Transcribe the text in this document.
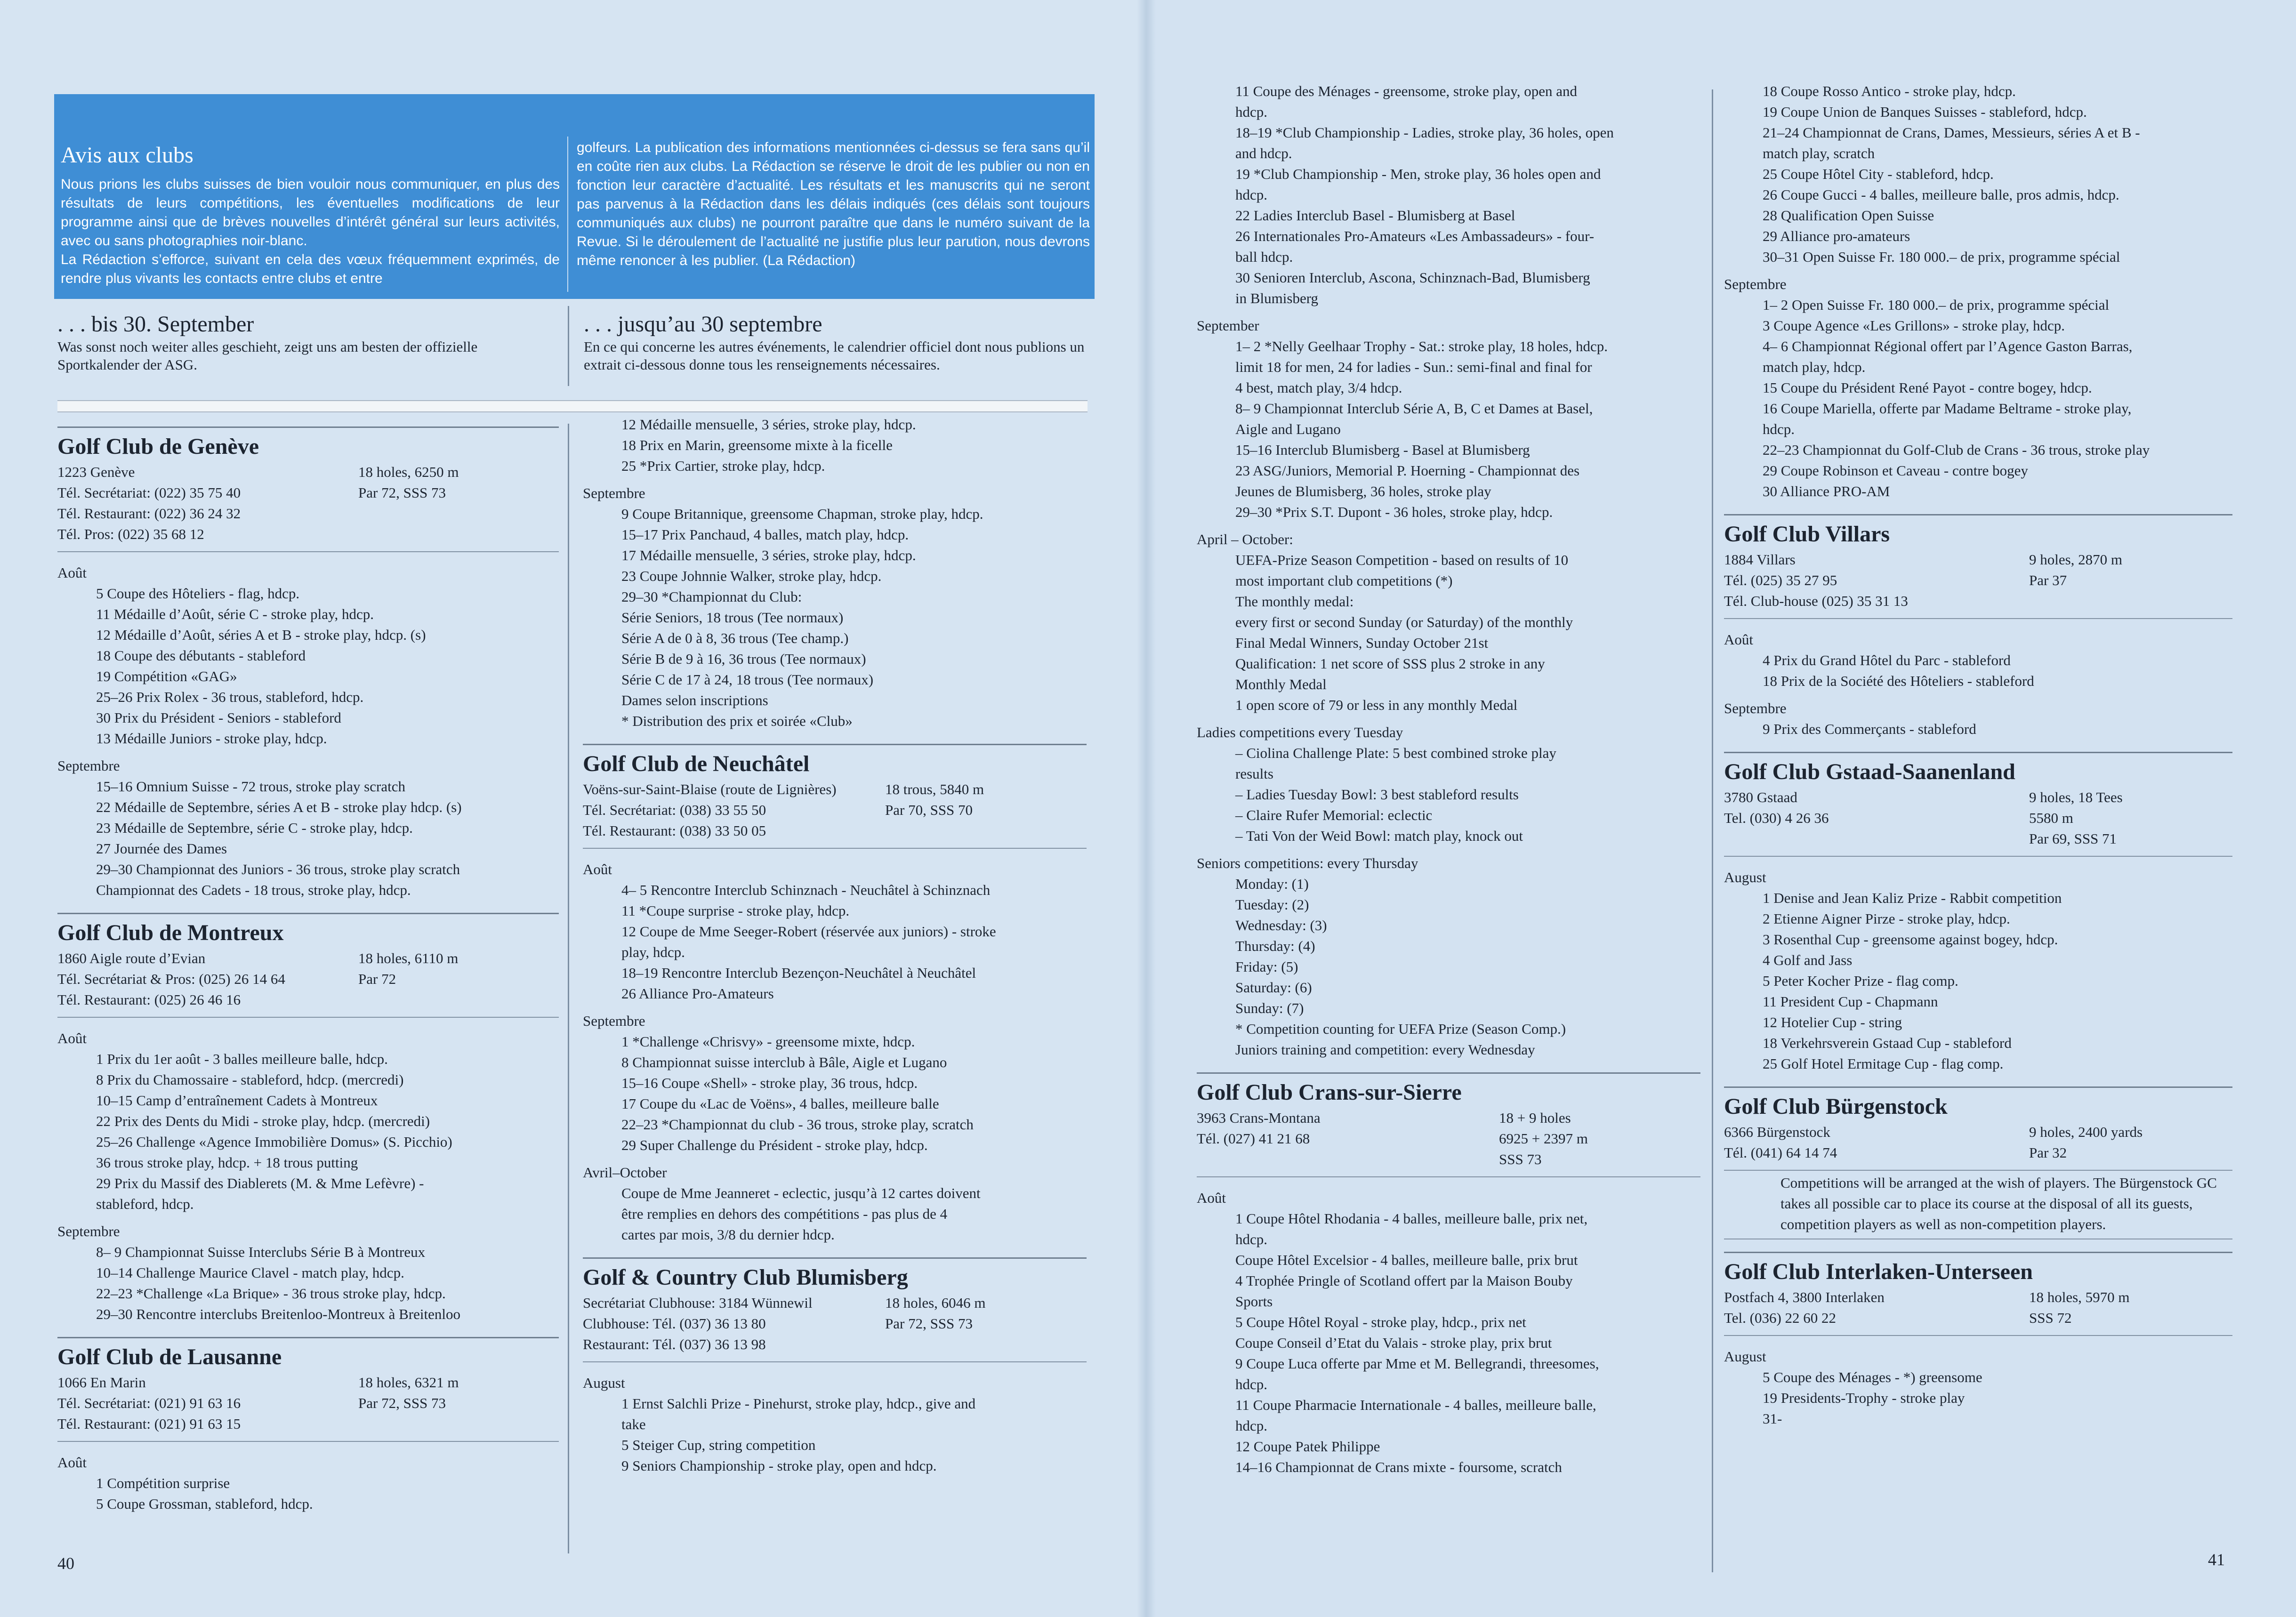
Avis aux clubs
Nous prions les clubs suisses de bien vouloir nous communiquer, en plus des résultats de leurs compétitions, les éventuelles modifications de leur programme ainsi que de brèves nouvelles d’intérêt général sur leurs activités, avec ou sans photographies noir-blanc.
La Rédaction s’efforce, suivant en cela des vœux fréquemment exprimés, de rendre plus vivants les contacts entre clubs et entre
golfeurs. La publication des informations mentionnées ci-dessus se fera sans qu’il en coûte rien aux clubs. La Rédaction se réserve le droit de les publier ou non en fonction leur caractère d’actualité. Les résultats et les manuscrits qui ne seront pas parvenus à la Rédaction dans les délais indiqués (ces délais sont toujours communiqués aux clubs) ne pourront paraître que dans le numéro suivant de la Revue. Si le déroulement de l’actualité ne justifie plus leur parution, nous devrons même renoncer à les publier. (La Rédaction)
. . . bis 30. September
Was sonst noch weiter alles geschieht, zeigt uns am besten der offizielle Sportkalender der ASG.
. . . jusqu’au 30 septembre
En ce qui concerne les autres événements, le calendrier officiel dont nous publions un extrait ci-dessous donne tous les renseignements nécessaires.
Golf Club de Genève
1223 Genève	18 holes, 6250 m
Tél. Secrétariat: (022) 35 75 40	Par 72, SSS 73
Tél. Restaurant: (022) 36 24 32
Tél. Pros: (022) 35 68 12
Août
5 Coupe des Hôteliers - flag, hdcp.
11 Médaille d’Août, série C - stroke play, hdcp.
12 Médaille d’Août, séries A et B - stroke play, hdcp. (s)
18 Coupe des débutants - stableford
19 Compétition «GAG»
25–26 Prix Rolex - 36 trous, stableford, hdcp.
30 Prix du Président - Seniors - stableford
13 Médaille Juniors - stroke play, hdcp.
Septembre
15–16 Omnium Suisse - 72 trous, stroke play scratch
22 Médaille de Septembre, séries A et B - stroke play hdcp. (s)
23 Médaille de Septembre, série C - stroke play, hdcp.
27 Journée des Dames
29–30 Championnat des Juniors - 36 trous, stroke play scratch
Championnat des Cadets - 18 trous, stroke play, hdcp.
Golf Club de Montreux
1860 Aigle route d’Evian	18 holes, 6110 m
Tél. Secrétariat & Pros: (025) 26 14 64	Par 72
Tél. Restaurant: (025) 26 46 16
Août
1 Prix du 1er août - 3 balles meilleure balle, hdcp.
8 Prix du Chamossaire - stableford, hdcp. (mercredi)
10–15 Camp d’entraînement Cadets à Montreux
22 Prix des Dents du Midi - stroke play, hdcp. (mercredi)
25–26 Challenge «Agence Immobilière Domus» (S. Picchio)
36 trous stroke play, hdcp. + 18 trous putting
29 Prix du Massif des Diablerets (M. & Mme Lefèvre) -
stableford, hdcp.
Septembre
8– 9 Championnat Suisse Interclubs Série B à Montreux
10–14 Challenge Maurice Clavel - match play, hdcp.
22–23 *Challenge «La Brique» - 36 trous stroke play, hdcp.
29–30 Rencontre interclubs Breitenloo-Montreux à Breitenloo
Golf Club de Lausanne
1066 En Marin	18 holes, 6321 m
Tél. Secrétariat: (021) 91 63 16	Par 72, SSS 73
Tél. Restaurant: (021) 91 63 15
Août
1 Compétition surprise
5 Coupe Grossman, stableford, hdcp.
12 Médaille mensuelle, 3 séries, stroke play, hdcp.
18 Prix en Marin, greensome mixte à la ficelle
25 *Prix Cartier, stroke play, hdcp.
Septembre
9 Coupe Britannique, greensome Chapman, stroke play, hdcp.
15–17 Prix Panchaud, 4 balles, match play, hdcp.
17 Médaille mensuelle, 3 séries, stroke play, hdcp.
23 Coupe Johnnie Walker, stroke play, hdcp.
29–30 *Championnat du Club:
Série Seniors, 18 trous (Tee normaux)
Série A de 0 à 8, 36 trous (Tee champ.)
Série B de 9 à 16, 36 trous (Tee normaux)
Série C de 17 à 24, 18 trous (Tee normaux)
Dames selon inscriptions
* Distribution des prix et soirée «Club»
Golf Club de Neuchâtel
Voëns-sur-Saint-Blaise (route de Lignières)	18 trous, 5840 m
Tél. Secrétariat: (038) 33 55 50	Par 70, SSS 70
Tél. Restaurant: (038) 33 50 05
Août
4– 5 Rencontre Interclub Schinznach - Neuchâtel à Schinznach
11 *Coupe surprise - stroke play, hdcp.
12 Coupe de Mme Seeger-Robert (réservée aux juniors) - stroke
play, hdcp.
18–19 Rencontre Interclub Bezençon-Neuchâtel à Neuchâtel
26 Alliance Pro-Amateurs
Septembre
1 *Challenge «Chrisvy» - greensome mixte, hdcp.
8 Championnat suisse interclub à Bâle, Aigle et Lugano
15–16 Coupe «Shell» - stroke play, 36 trous, hdcp.
17 Coupe du «Lac de Voëns», 4 balles, meilleure balle
22–23 *Championnat du club - 36 trous, stroke play, scratch
29 Super Challenge du Président - stroke play, hdcp.
Avril–October
Coupe de Mme Jeanneret - eclectic, jusqu’à 12 cartes doivent
être remplies en dehors des compétitions - pas plus de 4
cartes par mois, 3/8 du dernier hdcp.
Golf & Country Club Blumisberg
Secrétariat Clubhouse: 3184 Wünnewil	18 holes, 6046 m
Clubhouse: Tél. (037) 36 13 80	Par 72, SSS 73
Restaurant: Tél. (037) 36 13 98
August
1 Ernst Salchli Prize - Pinehurst, stroke play, hdcp., give and
take
5 Steiger Cup, string competition
9 Seniors Championship - stroke play, open and hdcp.
11 Coupe des Ménages - greensome, stroke play, open and
hdcp.
18–19 *Club Championship - Ladies, stroke play, 36 holes, open
and hdcp.
19 *Club Championship - Men, stroke play, 36 holes open and
hdcp.
22 Ladies Interclub Basel - Blumisberg at Basel
26 Internationales Pro-Amateurs «Les Ambassadeurs» - four-
ball hdcp.
30 Senioren Interclub, Ascona, Schinznach-Bad, Blumisberg
in Blumisberg
September
1– 2 *Nelly Geelhaar Trophy - Sat.: stroke play, 18 holes, hdcp.
limit 18 for men, 24 for ladies - Sun.: semi-final and final for
4 best, match play, 3/4 hdcp.
8– 9 Championnat Interclub Série A, B, C et Dames at Basel,
Aigle and Lugano
15–16 Interclub Blumisberg - Basel at Blumisberg
23 ASG/Juniors, Memorial P. Hoerning - Championnat des
Jeunes de Blumisberg, 36 holes, stroke play
29–30 *Prix S.T. Dupont - 36 holes, stroke play, hdcp.
April – October:
UEFA-Prize Season Competition - based on results of 10
most important club competitions (*)
The monthly medal:
every first or second Sunday (or Saturday) of the monthly
Final Medal Winners, Sunday October 21st
Qualification: 1 net score of SSS plus 2 stroke in any
Monthly Medal
1 open score of 79 or less in any monthly Medal
Ladies competitions every Tuesday
– Ciolina Challenge Plate: 5 best combined stroke play
results
– Ladies Tuesday Bowl: 3 best stableford results
– Claire Rufer Memorial: eclectic
– Tati Von der Weid Bowl: match play, knock out
Seniors competitions: every Thursday
Monday: (1)
Tuesday: (2)
Wednesday: (3)
Thursday: (4)
Friday: (5)
Saturday: (6)
Sunday: (7)
* Competition counting for UEFA Prize (Season Comp.)
Juniors training and competition: every Wednesday
Golf Club Crans-sur-Sierre
3963 Crans-Montana	18 + 9 holes
Tél. (027) 41 21 68	6925 + 2397 m
SSS 73
Août
1 Coupe Hôtel Rhodania - 4 balles, meilleure balle, prix net,
hdcp.
Coupe Hôtel Excelsior - 4 balles, meilleure balle, prix brut
4 Trophée Pringle of Scotland offert par la Maison Bouby
Sports
5 Coupe Hôtel Royal - stroke play, hdcp., prix net
Coupe Conseil d’Etat du Valais - stroke play, prix brut
9 Coupe Luca offerte par Mme et M. Bellegrandi, threesomes,
hdcp.
11 Coupe Pharmacie Internationale - 4 balles, meilleure balle,
hdcp.
12 Coupe Patek Philippe
14–16 Championnat de Crans mixte - foursome, scratch
18 Coupe Rosso Antico - stroke play, hdcp.
19 Coupe Union de Banques Suisses - stableford, hdcp.
21–24 Championnat de Crans, Dames, Messieurs, séries A et B -
match play, scratch
25 Coupe Hôtel City - stableford, hdcp.
26 Coupe Gucci - 4 balles, meilleure balle, pros admis, hdcp.
28 Qualification Open Suisse
29 Alliance pro-amateurs
30–31 Open Suisse Fr. 180 000.– de prix, programme spécial
Septembre
1– 2 Open Suisse Fr. 180 000.– de prix, programme spécial
3 Coupe Agence «Les Grillons» - stroke play, hdcp.
4– 6 Championnat Régional offert par l’Agence Gaston Barras,
match play, hdcp.
15 Coupe du Président René Payot - contre bogey, hdcp.
16 Coupe Mariella, offerte par Madame Beltrame - stroke play,
hdcp.
22–23 Championnat du Golf-Club de Crans - 36 trous, stroke play
29 Coupe Robinson et Caveau - contre bogey
30 Alliance PRO-AM
Golf Club Villars
1884 Villars	9 holes, 2870 m
Tél. (025) 35 27 95	Par 37
Tél. Club-house (025) 35 31 13
Août
4 Prix du Grand Hôtel du Parc - stableford
18 Prix de la Société des Hôteliers - stableford
Septembre
9 Prix des Commerçants - stableford
Golf Club Gstaad-Saanenland
3780 Gstaad	9 holes, 18 Tees
Tel. (030) 4 26 36	5580 m
Par 69, SSS 71
August
1 Denise and Jean Kaliz Prize - Rabbit competition
2 Etienne Aigner Pirze - stroke play, hdcp.
3 Rosenthal Cup - greensome against bogey, hdcp.
4 Golf and Jass
5 Peter Kocher Prize - flag comp.
11 President Cup - Chapmann
12 Hotelier Cup - string
18 Verkehrsverein Gstaad Cup - stableford
25 Golf Hotel Ermitage Cup - flag comp.
Golf Club Bürgenstock
6366 Bürgenstock	9 holes, 2400 yards
Tél. (041) 64 14 74	Par 32
Competitions will be arranged at the wish of players. The Bürgenstock GC takes all possible car to place its course at the disposal of all its guests, competition players as well as non-competition players.
Golf Club Interlaken-Unterseen
Postfach 4, 3800 Interlaken	18 holes, 5970 m
Tel. (036) 22 60 22	SSS 72
August
5 Coupe des Ménages - *) greensome
19 Presidents-Trophy - stroke play
31-
40	41
